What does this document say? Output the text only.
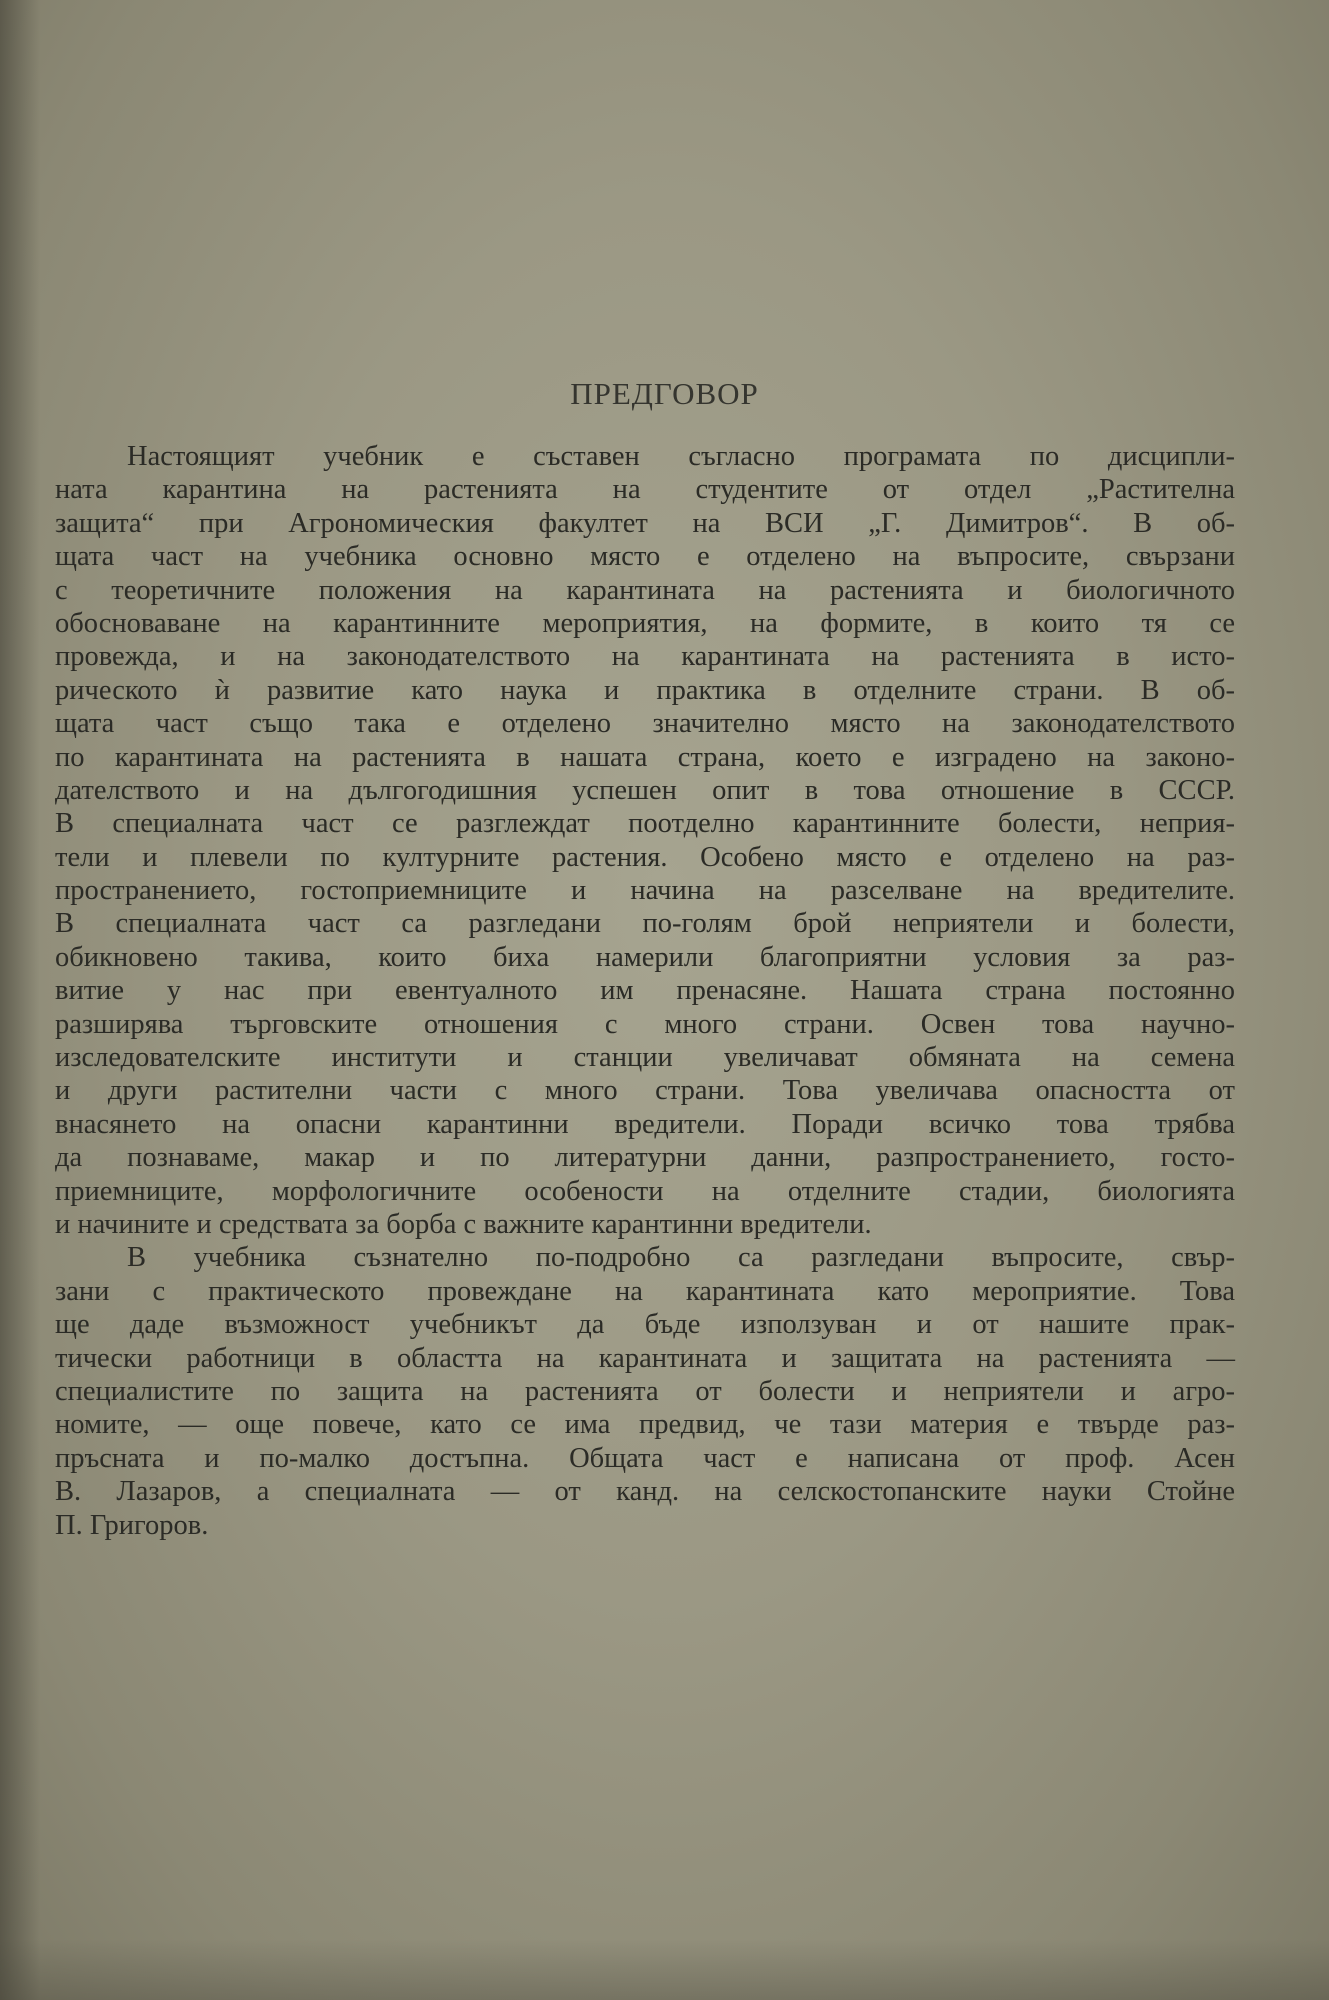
ПРЕДГОВОР
Настоящият учебник е съставен съгласно програмата по дисципли-
ната карантина на растенията на студентите от отдел „Растителна
защита“ при Агрономическия факултет на ВСИ „Г. Димитров“. В об-
щата част на учебника основно място е отделено на въпросите, свързани
с теоретичните положения на карантината на растенията и биологичното
обосноваване на карантинните мероприятия, на формите, в които тя се
провежда, и на законодателството на карантината на растенията в исто-
рическото ѝ развитие като наука и практика в отделните страни. В об-
щата част също така е отделено значително място на законодателството
по карантината на растенията в нашата страна, което е изградено на законо-
дателството и на дългогодишния успешен опит в това отношение в СССР.
В специалната част се разглеждат поотделно карантинните болести, неприя-
тели и плевели по културните растения. Особено място е отделено на раз-
пространението, гостоприемниците и начина на разселване на вредителите.
В специалната част са разгледани по-голям брой неприятели и болести,
обикновено такива, които биха намерили благоприятни условия за раз-
витие у нас при евентуалното им пренасяне. Нашата страна постоянно
разширява търговските отношения с много страни. Освен това научно-
изследователските институти и станции увеличават обмяната на семена
и други растителни части с много страни. Това увеличава опасността от
внасянето на опасни карантинни вредители. Поради всичко това трябва
да познаваме, макар и по литературни данни, разпространението, госто-
приемниците, морфологичните особености на отделните стадии, биологията
и начините и средствата за борба с важните карантинни вредители.
В учебника съзнателно по-подробно са разгледани въпросите, свър-
зани с практическото провеждане на карантината като мероприятие. Това
ще даде възможност учебникът да бъде използуван и от нашите прак-
тически работници в областта на карантината и защитата на растенията —
специалистите по защита на растенията от болести и неприятели и агро-
номите, — още повече, като се има предвид, че тази материя е твърде раз-
пръсната и по-малко достъпна. Общата част е написана от проф. Асен
В. Лазаров, а специалната — от канд. на селскостопанските науки Стойне
П. Григоров.
